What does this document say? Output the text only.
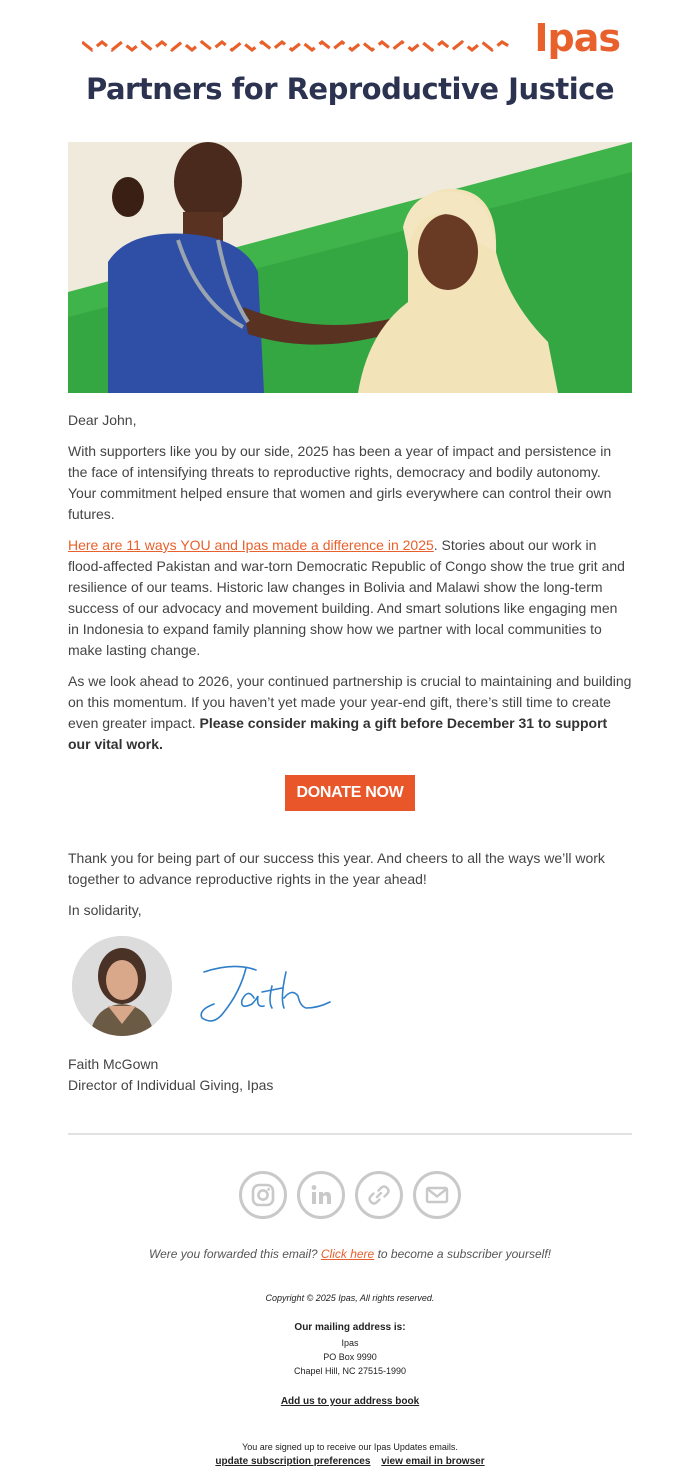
Ipas
Partners for Reproductive Justice

Dear John,

With supporters like you by our side, 2025 has been a year of impact and persistence in the face of intensifying threats to reproductive rights, democracy and bodily autonomy. Your commitment helped ensure that women and girls everywhere can control their own futures.

Here are 11 ways YOU and Ipas made a difference in 2025. Stories about our work in flood-affected Pakistan and war-torn Democratic Republic of Congo show the true grit and resilience of our teams. Historic law changes in Bolivia and Malawi show the long-term success of our advocacy and movement building. And smart solutions like engaging men in Indonesia to expand family planning show how we partner with local communities to make lasting change.

As we look ahead to 2026, your continued partnership is crucial to maintaining and building on this momentum. If you haven’t yet made your year-end gift, there’s still time to create even greater impact. Please consider making a gift before December 31 to support our vital work.

DONATE NOW

Thank you for being part of our success this year. And cheers to all the ways we’ll work together to advance reproductive rights in the year ahead!

In solidarity,

Faith McGown
Director of Individual Giving, Ipas

Were you forwarded this email? Click here to become a subscriber yourself!
Copyright © 2025 Ipas, All rights reserved.
Our mailing address is:
Ipas
PO Box 9990
Chapel Hill, NC 27515-1990
Add us to your address book
You are signed up to receive our Ipas Updates emails.
update subscription preferences view email in browser
